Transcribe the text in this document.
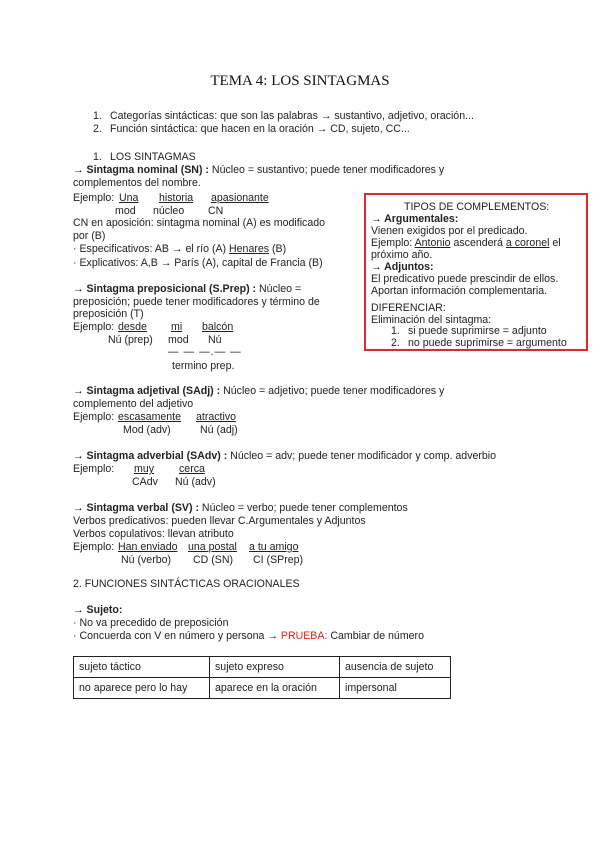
TEMA 4: LOS SINTAGMAS
1. Categorías sintácticas: que son las palabras → sustantivo, adjetivo, oración...
2. Función sintáctica: que hacen en la oración → CD, sujeto, CC...
1. LOS SINTAGMAS
→ Sintagma nominal (SN) : Núcleo = sustantivo; puede tener modificadores y
complementos del nombre.
Ejemplo: Una historia apasionante
mod núcleo CN
CN en aposición: sintagma nominal (A) es modificado
por (B)
· Especificativos: AB → el río (A) Henares (B)
· Explicativos: A,B → París (A), capital de Francia (B)
TIPOS DE COMPLEMENTOS:
→ Argumentales:
Vienen exigidos por el predicado.
Ejemplo: Antonio ascenderá a coronel el
próximo año.
→ Adjuntos:
El predicativo puede prescindir de ellos.
Aportan información complementaria.
DIFERENCIAR:
Eliminación del sintagma:
1. si puede suprimirse = adjunto
2. no puede suprimirse = argumento
→ Sintagma preposicional (S.Prep) : Núcleo =
preposición; puede tener modificadores y término de
preposición (T)
Ejemplo: desde mi balcón
Nú (prep) mod Nú
— — —.— —
termino prep.
→ Sintagma adjetival (SAdj) : Núcleo = adjetivo; puede tener modificadores y
complemento del adjetivo
Ejemplo: escasamente atractivo
Mod (adv)	Nú (adj)
→ Sintagma adverbial (SAdv) : Núcleo = adv; puede tener modificador y comp. adverbio
Ejemplo: muy cerca
CAdv Nú (adv)
→ Sintagma verbal (SV) : Núcleo = verbo; puede tener complementos
Verbos predicativos: pueden llevar C.Argumentales y Adjuntos
Verbos copulativos: llevan atributo
Ejemplo: Han enviado una postal a tu amigo
Nú (verbo) CD (SN) CI (SPrep)
2. FUNCIONES SINTÁCTICAS ORACIONALES
→ Sujeto:
· No va precedido de preposición
· Concuerda con V en número y persona → PRUEBA: Cambiar de número
sujeto táctico	sujeto expreso	ausencia de sujeto
no aparece pero lo hay	aparece en la oración	impersonal
